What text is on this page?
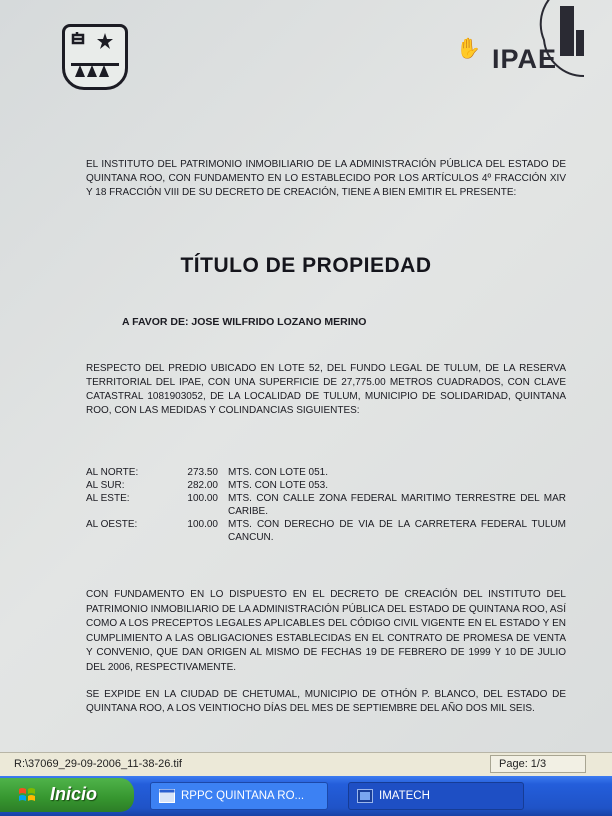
✋ IPAE
EL INSTITUTO DEL PATRIMONIO INMOBILIARIO DE LA ADMINISTRACIÓN PÚBLICA DEL ESTADO DE QUINTANA ROO, CON FUNDAMENTO EN LO ESTABLECIDO POR LOS ARTÍCULOS 4º FRACCIÓN XIV Y 18 FRACCIÓN VIII DE SU DECRETO DE CREACIÓN, TIENE A BIEN EMITIR EL PRESENTE:
TÍTULO DE PROPIEDAD
A FAVOR DE: JOSE WILFRIDO LOZANO MERINO
RESPECTO DEL PREDIO UBICADO EN LOTE 52, DEL FUNDO LEGAL DE TULUM, DE LA RESERVA TERRITORIAL DEL IPAE, CON UNA SUPERFICIE DE 27,775.00 METROS CUADRADOS, CON CLAVE CATASTRAL 1081903052, DE LA LOCALIDAD DE TULUM, MUNICIPIO DE SOLIDARIDAD, QUINTANA ROO, CON LAS MEDIDAS Y COLINDANCIAS SIGUIENTES:
AL NORTE:	273.50	MTS. CON LOTE 051.
AL SUR:	282.00	MTS. CON LOTE 053.
AL ESTE:	100.00	MTS. CON CALLE ZONA FEDERAL MARITIMO TERRESTRE DEL MAR CARIBE.
AL OESTE:	100.00	MTS. CON DERECHO DE VIA DE LA CARRETERA FEDERAL TULUM CANCUN.
CON FUNDAMENTO EN LO DISPUESTO EN EL DECRETO DE CREACIÓN DEL INSTITUTO DEL PATRIMONIO INMOBILIARIO DE LA ADMINISTRACIÓN PÚBLICA DEL ESTADO DE QUINTANA ROO, ASÍ COMO A LOS PRECEPTOS LEGALES APLICABLES DEL CÓDIGO CIVIL VIGENTE EN EL ESTADO Y EN CUMPLIMIENTO A LAS OBLIGACIONES ESTABLECIDAS EN EL CONTRATO DE PROMESA DE VENTA Y CONVENIO, QUE DAN ORIGEN AL MISMO DE FECHAS 19 DE FEBRERO DE 1999 Y 10 DE JULIO DEL 2006, RESPECTIVAMENTE.
SE EXPIDE EN LA CIUDAD DE CHETUMAL, MUNICIPIO DE OTHÓN P. BLANCO, DEL ESTADO DE QUINTANA ROO, A LOS VEINTIOCHO DÍAS DEL MES DE SEPTIEMBRE DEL AÑO DOS MIL SEIS.
R:\37069_29-09-2006_11-38-26.tif	Page: 1/3
Inicio	RPPC QUINTANA RO...	IMATECH
